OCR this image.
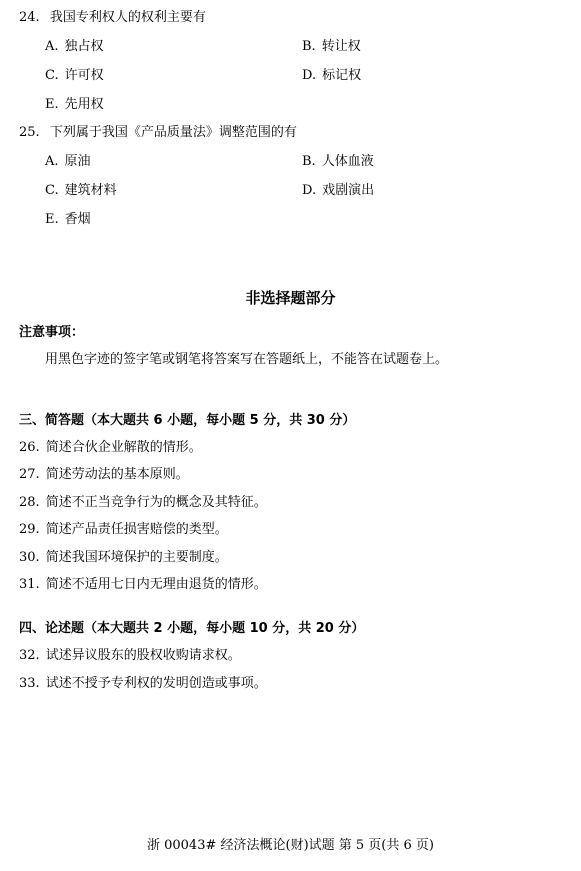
24. 我国专利权人的权利主要有
A. 独占权	B. 转让权
C. 许可权	D. 标记权
E. 先用权
25. 下列属于我国《产品质量法》调整范围的有
A. 原油	B. 人体血液
C. 建筑材料	D. 戏剧演出
E. 香烟
非选择题部分
注意事项：
用黑色字迹的签字笔或钢笔将答案写在答题纸上，不能答在试题卷上。
三、简答题（本大题共 6 小题，每小题 5 分，共 30 分）
26. 简述合伙企业解散的情形。
27. 简述劳动法的基本原则。
28. 简述不正当竞争行为的概念及其特征。
29. 简述产品责任损害赔偿的类型。
30. 简述我国环境保护的主要制度。
31. 简述不适用七日内无理由退货的情形。
四、论述题（本大题共 2 小题，每小题 10 分，共 20 分）
32. 试述异议股东的股权收购请求权。
33. 试述不授予专利权的发明创造或事项。
浙 00043# 经济法概论(财)试题 第 5 页(共 6 页)
